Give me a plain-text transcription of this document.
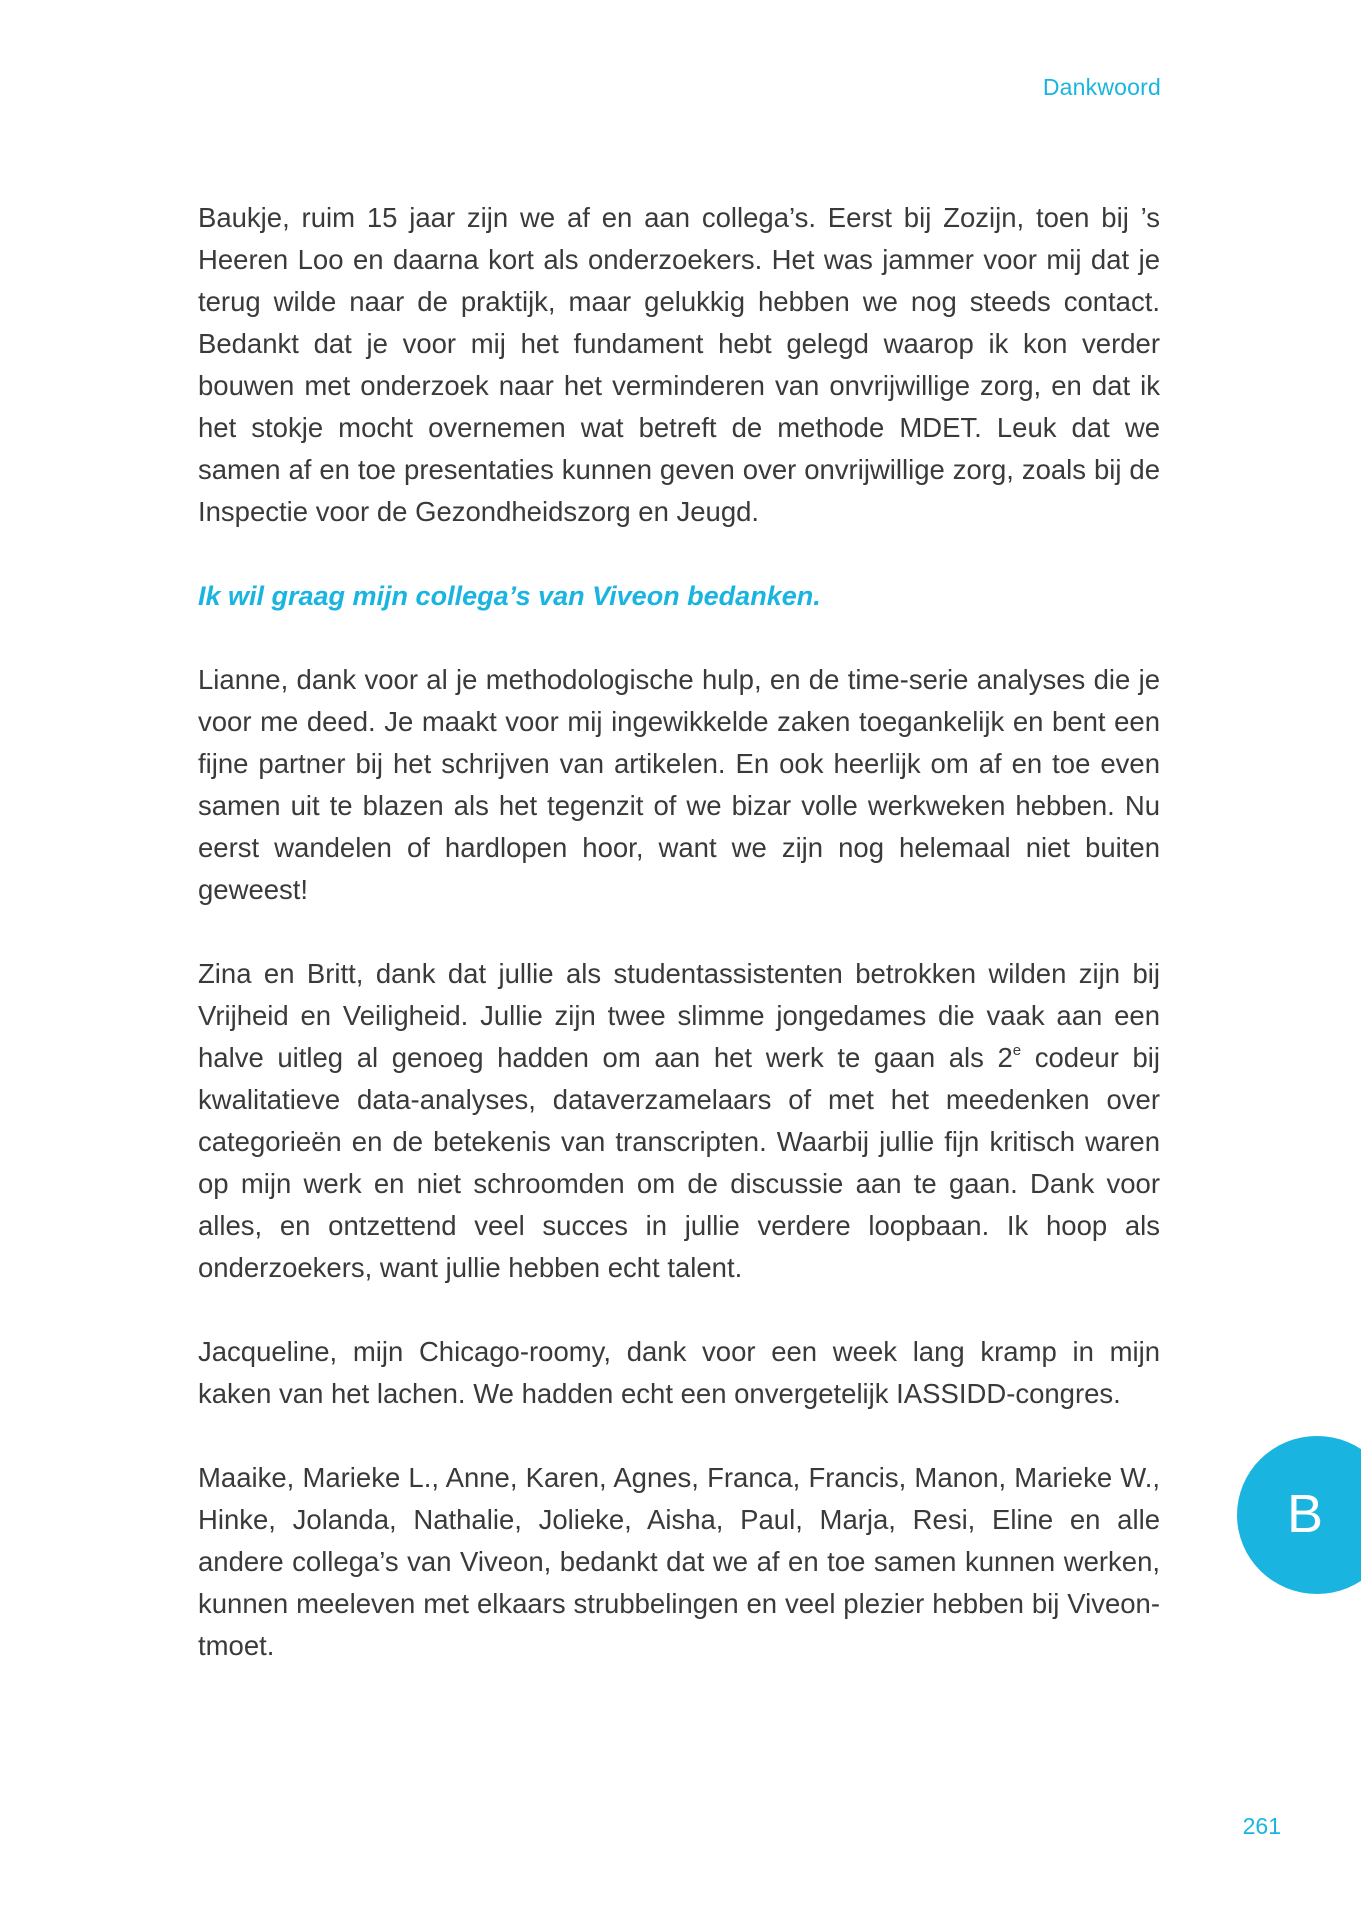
Dankwoord

Baukje, ruim 15 jaar zijn we af en aan collega’s. Eerst bij Zozijn, toen bij ’s Heeren Loo en daarna kort als onderzoekers. Het was jammer voor mij dat je terug wilde naar de praktijk, maar gelukkig hebben we nog steeds contact. Bedankt dat je voor mij het fundament hebt gelegd waarop ik kon verder bouwen met onderzoek naar het verminderen van onvrijwillige zorg, en dat ik het stokje mocht overnemen wat betreft de methode MDET. Leuk dat we samen af en toe presentaties kunnen geven over onvrijwillige zorg, zoals bij de Inspectie voor de Gezondheidszorg en Jeugd.

Ik wil graag mijn collega’s van Viveon bedanken.

Lianne, dank voor al je methodologische hulp, en de time-serie analyses die je voor me deed. Je maakt voor mij ingewikkelde zaken toegankelijk en bent een fijne partner bij het schrijven van artikelen. En ook heerlijk om af en toe even samen uit te blazen als het tegenzit of we bizar volle werkweken hebben. Nu eerst wandelen of hardlopen hoor, want we zijn nog helemaal niet buiten geweest!

Zina en Britt, dank dat jullie als studentassistenten betrokken wilden zijn bij Vrijheid en Veiligheid. Jullie zijn twee slimme jongedames die vaak aan een halve uitleg al genoeg hadden om aan het werk te gaan als 2e codeur bij kwalitatieve data-analyses, dataverzamelaars of met het meedenken over categorieën en de betekenis van transcripten. Waarbij jullie fijn kritisch waren op mijn werk en niet schroomden om de discussie aan te gaan. Dank voor alles, en ontzettend veel succes in jullie verdere loopbaan. Ik hoop als onderzoekers, want jullie hebben echt talent.

Jacqueline, mijn Chicago-roomy, dank voor een week lang kramp in mijn kaken van het lachen. We hadden echt een onvergetelijk IASSIDD-congres.

Maaike, Marieke L., Anne, Karen, Agnes, Franca, Francis, Manon, Marieke W., Hinke, Jolanda, Nathalie, Jolieke, Aisha, Paul, Marja, Resi, Eline en alle andere collega’s van Viveon, bedankt dat we af en toe samen kunnen werken, kunnen meeleven met elkaars strubbelingen en veel plezier hebben bij Viveon-tmoet.

B
261
